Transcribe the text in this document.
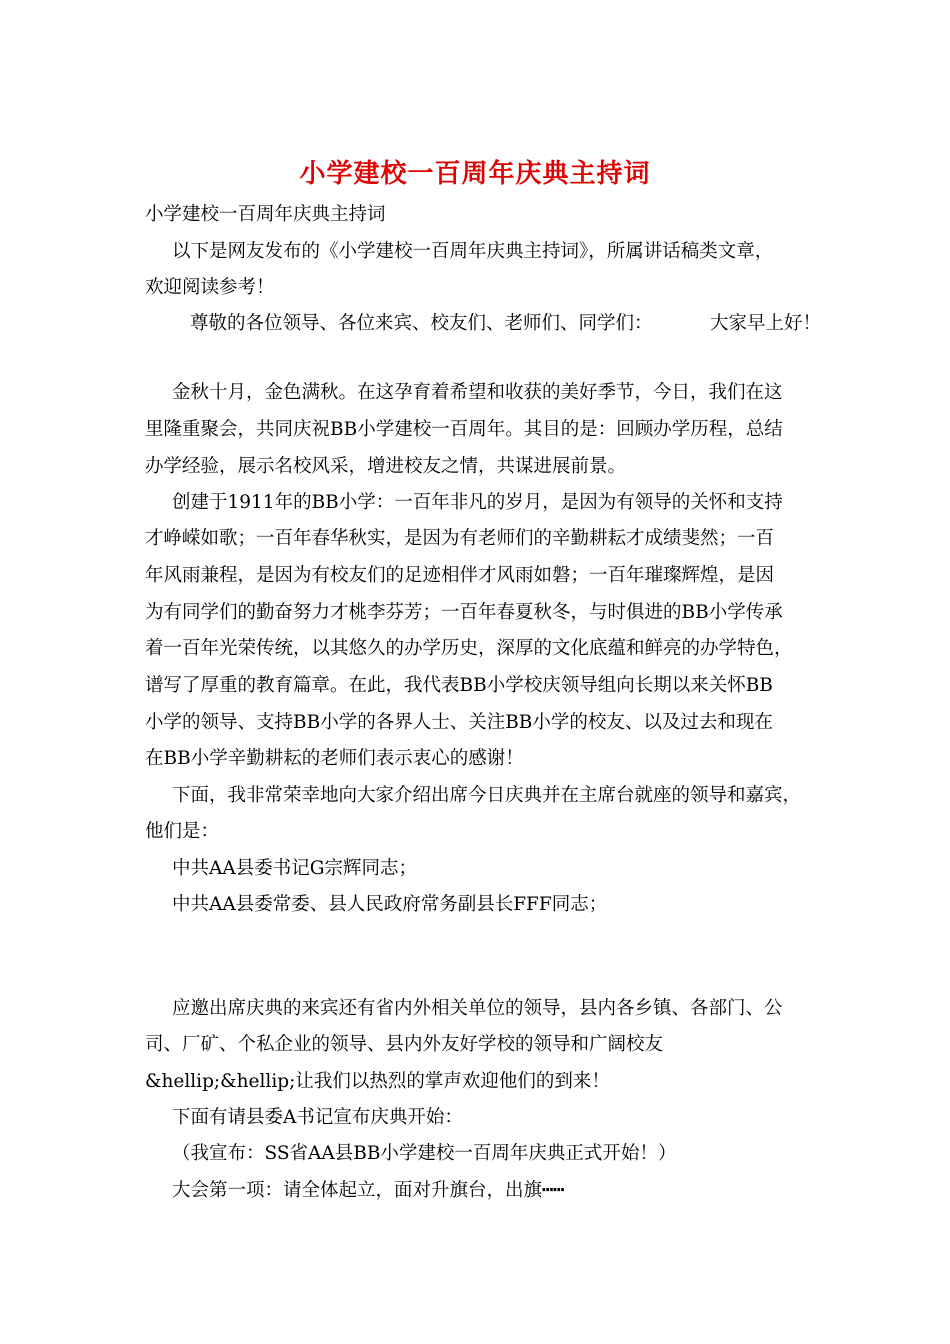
小学建校一百周年庆典主持词
小学建校一百周年庆典主持词
以下是网友发布的《小学建校一百周年庆典主持词》，所属讲话稿类文章，
欢迎阅读参考！
尊敬的各位领导、各位来宾、校友们、老师们、同学们：	大家早上好！
金秋十月，金色满秋。在这孕育着希望和收获的美好季节，今日，我们在这
里隆重聚会，共同庆祝BB小学建校一百周年。其目的是：回顾办学历程，总结
办学经验，展示名校风采，增进校友之情，共谋进展前景。
创建于1911年的BB小学：一百年非凡的岁月，是因为有领导的关怀和支持
才峥嵘如歌；一百年春华秋实，是因为有老师们的辛勤耕耘才成绩斐然；一百
年风雨兼程，是因为有校友们的足迹相伴才风雨如磐；一百年璀璨辉煌，是因
为有同学们的勤奋努力才桃李芬芳；一百年春夏秋冬，与时俱进的BB小学传承
着一百年光荣传统，以其悠久的办学历史，深厚的文化底蕴和鲜亮的办学特色，
谱写了厚重的教育篇章。在此，我代表BB小学校庆领导组向长期以来关怀BB
小学的领导、支持BB小学的各界人士、关注BB小学的校友、以及过去和现在
在BB小学辛勤耕耘的老师们表示衷心的感谢！
下面，我非常荣幸地向大家介绍出席今日庆典并在主席台就座的领导和嘉宾，
他们是：
中共AA县委书记G宗辉同志；
中共AA县委常委、县人民政府常务副县长FFF同志；
应邀出席庆典的来宾还有省内外相关单位的领导，县内各乡镇、各部门、公
司、厂矿、个私企业的领导、县内外友好学校的领导和广阔校友
&hellip;&hellip;让我们以热烈的掌声欢迎他们的到来！
下面有请县委A书记宣布庆典开始：
（我宣布：SS省AA县BB小学建校一百周年庆典正式开始！）
大会第一项：请全体起立，面对升旗台，出旗┅┅
